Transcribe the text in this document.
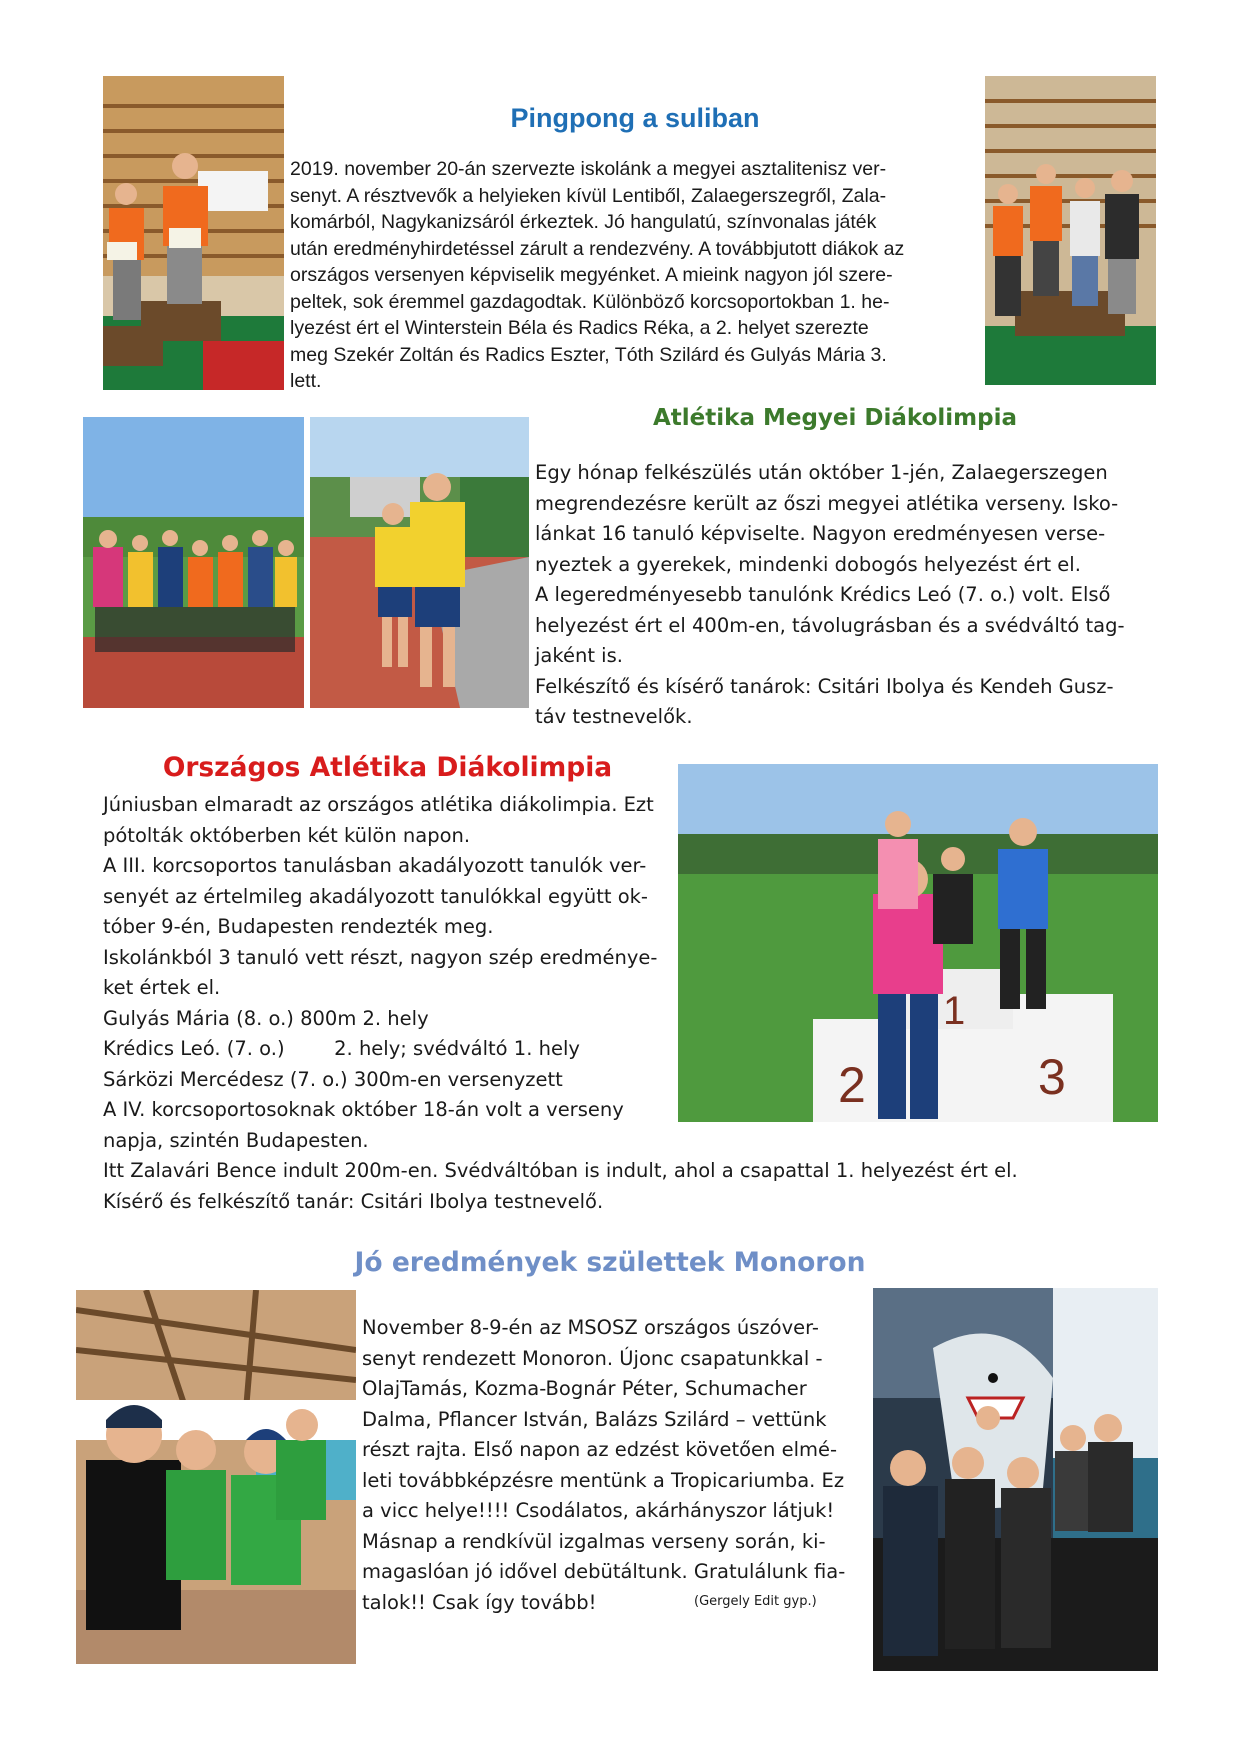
Pingpong a suliban
2019. november 20-án szervezte iskolánk a megyei asztalitenisz ver-
senyt. A résztvevők a helyieken kívül Lentiből, Zalaegerszegről, Zala-
komárból, Nagykanizsáról érkeztek. Jó hangulatú, színvonalas játék
után eredményhirdetéssel zárult a rendezvény. A továbbjutott diákok az
országos versenyen képviselik megyénket. A mieink nagyon jól szere-
peltek, sok éremmel gazdagodtak. Különböző korcsoportokban 1. he-
lyezést ért el Winterstein Béla és Radics Réka, a 2. helyet szerezte
meg Szekér Zoltán és Radics Eszter, Tóth Szilárd és Gulyás Mária 3.
lett.
Atlétika Megyei Diákolimpia
Egy hónap felkészülés után október 1-jén, Zalaegerszegen
megrendezésre került az őszi megyei atlétika verseny. Isko-
lánkat 16 tanuló képviselte. Nagyon eredményesen verse-
nyeztek a gyerekek, mindenki dobogós helyezést ért el.
A legeredményesebb tanulónk Krédics Leó (7. o.) volt. Első
helyezést ért el 400m-en, távolugrásban és a svédváltó tag-
jaként is.
Felkészítő és kísérő tanárok: Csitári Ibolya és Kendeh Gusz-
táv testnevelők.
Országos Atlétika Diákolimpia
Júniusban elmaradt az országos atlétika diákolimpia. Ezt
pótolták októberben két külön napon.
A III. korcsoportos tanulásban akadályozott tanulók ver-
senyét az értelmileg akadályozott tanulókkal együtt ok-
tóber 9-én, Budapesten rendezték meg.
Iskolánkból 3 tanuló vett részt, nagyon szép eredménye-
ket értek el.
Gulyás Mária (8. o.) 800m 2. hely
Krédics Leó. (7. o.)        2. hely; svédváltó 1. hely
Sárközi Mercédesz (7. o.) 300m-en versenyzett
A IV. korcsoportosoknak október 18-án volt a verseny
napja, szintén Budapesten.
Itt Zalavári Bence indult 200m-en. Svédváltóban is indult, ahol a csapattal 1. helyezést ért el.
Kísérő és felkészítő tanár: Csitári Ibolya testnevelő.
2
1
3
Jó eredmények születtek Monoron
November 8-9-én az MSOSZ országos úszóver-
senyt rendezett Monoron. Újonc csapatunkkal -
OlajTamás, Kozma-Bognár Péter, Schumacher
Dalma, Pflancer István, Balázs Szilárd – vettünk
részt rajta. Első napon az edzést követően elmé-
leti továbbképzésre mentünk a Tropicariumba. Ez
a vicc helye!!!! Csodálatos, akárhányszor látjuk!
Másnap a rendkívül izgalmas verseny során, ki-
magaslóan jó idővel debütáltunk. Gratulálunk fia-
talok!! Csak így tovább!	(Gergely Edit gyp.)
